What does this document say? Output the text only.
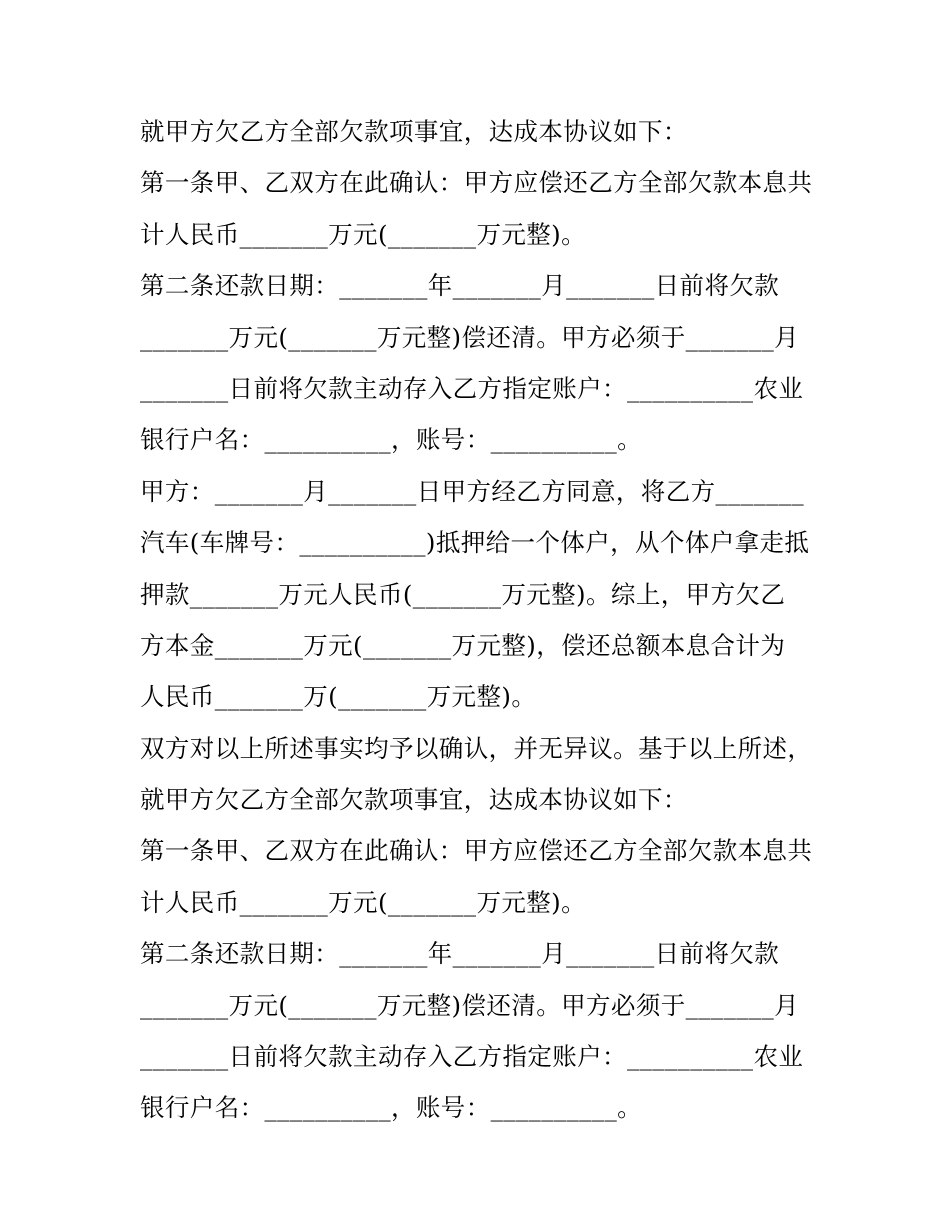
就甲方欠乙方全部欠款项事宜，达成本协议如下：
第一条甲、乙双方在此确认：甲方应偿还乙方全部欠款本息共
计人民币_______万元(_______万元整)。
第二条还款日期：_______年_______月_______日前将欠款
_______万元(_______万元整)偿还清。甲方必须于_______月
_______日前将欠款主动存入乙方指定账户：__________农业
银行户名：__________，账号：__________。
甲方：_______月_______日甲方经乙方同意，将乙方_______
汽车(车牌号：__________)抵押给一个体户，从个体户拿走抵
押款_______万元人民币(_______万元整)。综上，甲方欠乙
方本金_______万元(_______万元整)，偿还总额本息合计为
人民币_______万(_______万元整)。
双方对以上所述事实均予以确认，并无异议。基于以上所述，
就甲方欠乙方全部欠款项事宜，达成本协议如下：
第一条甲、乙双方在此确认：甲方应偿还乙方全部欠款本息共
计人民币_______万元(_______万元整)。
第二条还款日期：_______年_______月_______日前将欠款
_______万元(_______万元整)偿还清。甲方必须于_______月
_______日前将欠款主动存入乙方指定账户：__________农业
银行户名：__________，账号：__________。
